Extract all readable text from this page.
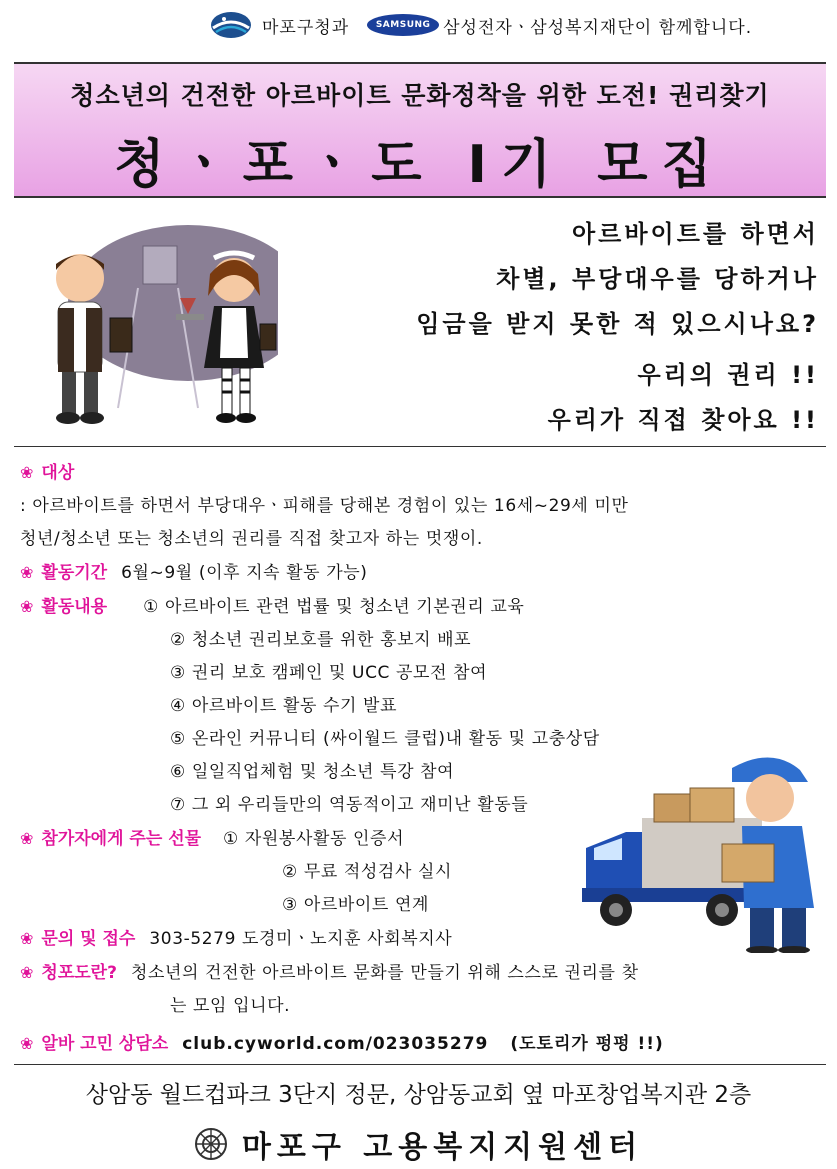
마포구청과	SAMSUNG 삼성전자ㆍ삼성복지재단이 함께합니다.
청소년의 건전한 아르바이트 문화정착을 위한 도전! 권리찾기
청ㆍ포ㆍ도 I기 모집
아르바이트를 하면서
차별, 부당대우를 당하거나
임금을 받지 못한 적 있으시나요?
우리의 권리 !!
우리가 직접 찾아요 !!
❀ 대상
: 아르바이트를 하면서 부당대우ㆍ피해를 당해본 경험이 있는 16세~29세 미만
청년/청소년 또는 청소년의 권리를 직접 찾고자 하는 멋쟁이.
❀ 활동기간 6월~9월 (이후 지속 활동 가능)
❀ 활동내용 ① 아르바이트 관련 법률 및 청소년 기본권리 교육
② 청소년 권리보호를 위한 홍보지 배포
③ 권리 보호 캠페인 및 UCC 공모전 참여
④ 아르바이트 활동 수기 발표
⑤ 온라인 커뮤니티 (싸이월드 클럽)내 활동 및 고충상담
⑥ 일일직업체험 및 청소년 특강 참여
⑦ 그 외 우리들만의 역동적이고 재미난 활동들
❀ 참가자에게 주는 선물 ① 자원봉사활동 인증서
② 무료 적성검사 실시
③ 아르바이트 연계
❀ 문의 및 접수 303-5279 도경미ㆍ노지훈 사회복지사
❀ 청포도란? 청소년의 건전한 아르바이트 문화를 만들기 위해 스스로 권리를 찾
는 모임 입니다.
❀ 알바 고민 상담소 club.cyworld.com/023035279 (도토리가 펑펑 !!)
상암동 월드컵파크 3단지 정문, 상암동교회 옆 마포창업복지관 2층
마포구 고용복지지원센터
